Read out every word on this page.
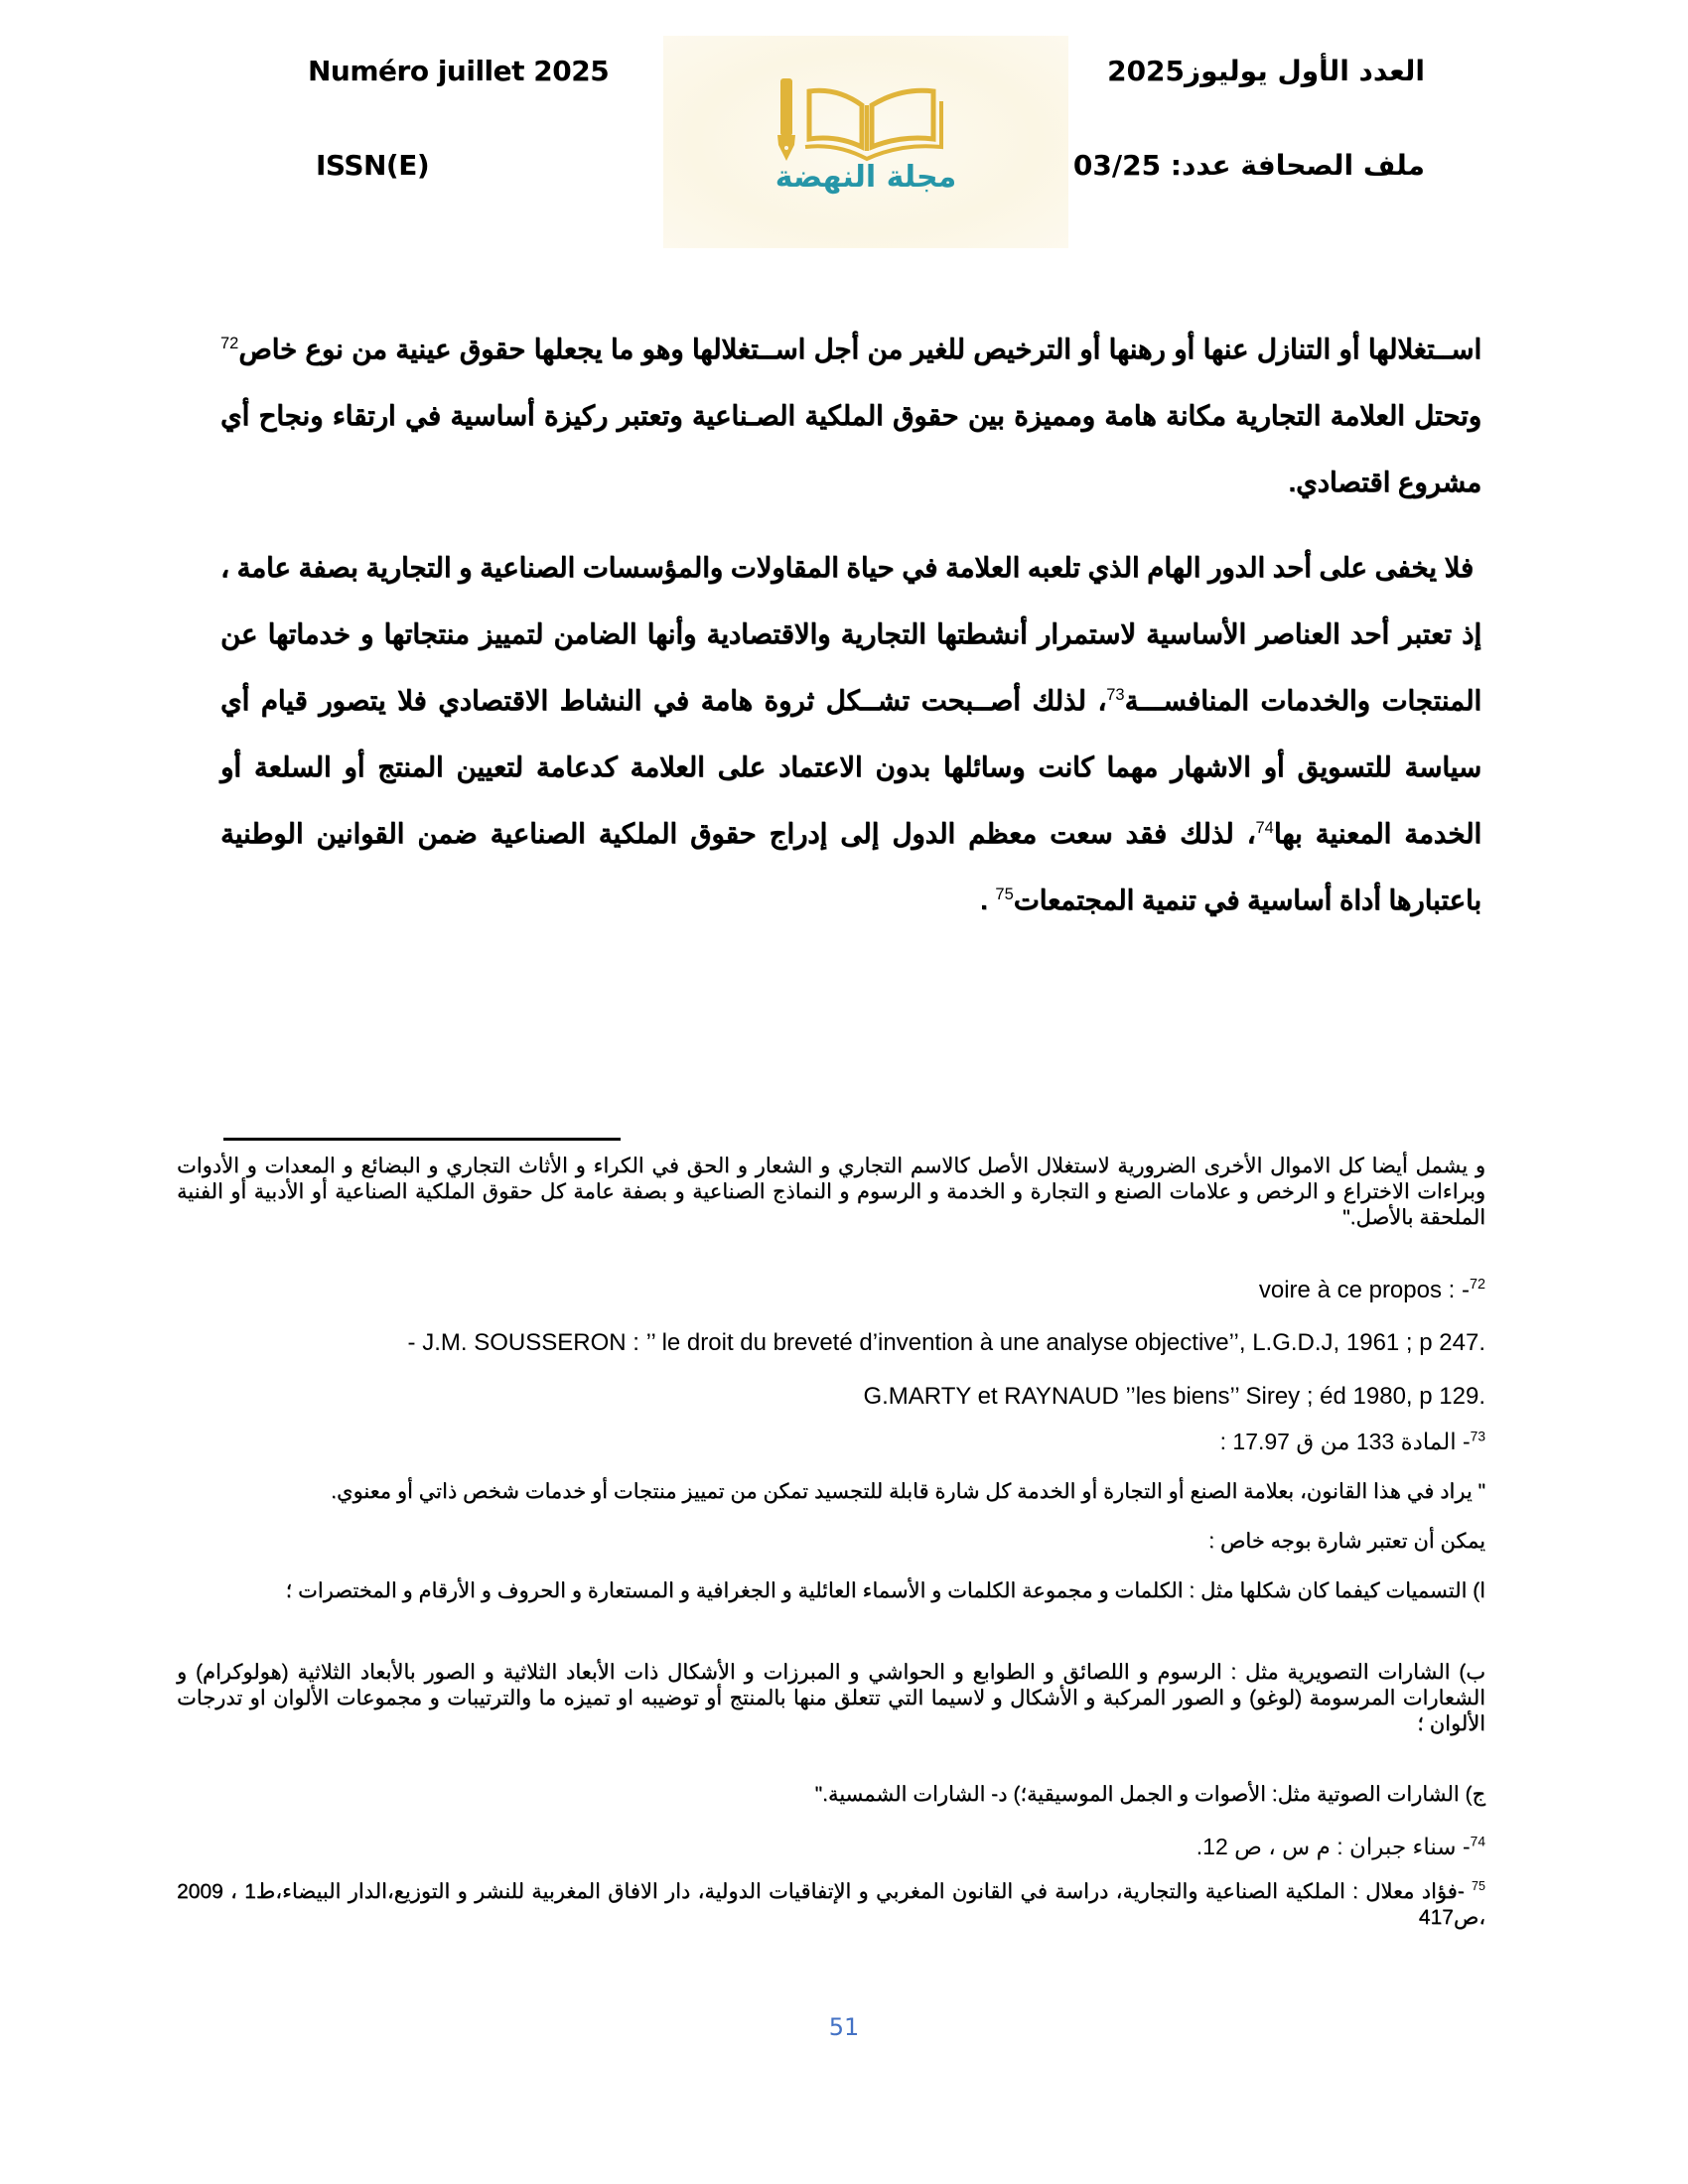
Numéro juillet 2025
ISSN(E)
العدد الأول يوليوز2025
ملف الصحافة عدد: 03/25
مجلة النهضة
اســتغلالها أو التنازل عنها أو رهنها أو الترخيص للغير من أجل اســتغلالها وهو ما يجعلها حقوق عينية من نوع خاص$^{72}$ وتحتل العلامة التجارية مكانة هامة ومميزة بين حقوق الملكية الصـناعية وتعتبر ركيزة أساسية في ارتقاء ونجاح أي مشروع اقتصادي.
فلا يخفى على أحد الدور الهام الذي تلعبه العلامة في حياة المقاولات والمؤسسات الصناعية و التجارية بصفة عامة ، إذ تعتبر أحد العناصر الأساسية لاستمرار أنشطتها التجارية والاقتصادية وأنها الضامن لتمييز منتجاتها و خدماتها عن المنتجات والخدمات المنافســـة$^{73}$، لذلك أصــبحت تشــكل ثروة هامة في النشاط الاقتصادي فلا يتصور قيام أي سياسة للتسويق أو الاشهار مهما كانت وسائلها بدون الاعتماد على العلامة كدعامة لتعيين المنتج أو السلعة أو الخدمة المعنية بها$^{74}$، لذلك فقد سعت معظم الدول إلى إدراج حقوق الملكية الصناعية ضمن القوانين الوطنية باعتبارها أداة أساسية في تنمية المجتمعات$^{75}$ .
و يشمل أيضا كل الاموال الأخرى الضرورية لاستغلال الأصل كالاسم التجاري و الشعار و الحق في الكراء و الأثاث التجاري و البضائع و المعدات و الأدوات وبراءات الاختراع و الرخص و علامات الصنع و التجارة و الخدمة و الرسوم و النماذج الصناعية و بصفة عامة كل حقوق الملكية الصناعية أو الأدبية أو الفنية الملحقة بالأصل."
voire à ce propos : -$^{72}$
- J.M. SOUSSERON : ’’ le droit du breveté d’invention à une analyse objective’’, L.G.D.J, 1961 ; p 247.
G.MARTY et RAYNAUD ’’les biens’’ Sirey ; éd 1980, p 129.
$^{73}$- المادة 133 من ق 17.97 :
" يراد في هذا القانون، بعلامة الصنع أو التجارة أو الخدمة كل شارة قابلة للتجسيد تمكن من تمييز منتجات أو خدمات شخص ذاتي أو معنوي.
يمكن أن تعتبر شارة بوجه خاص :
ا) التسميات كيفما كان شكلها مثل : الكلمات و مجموعة الكلمات و الأسماء العائلية و الجغرافية و المستعارة و الحروف و الأرقام و المختصرات ؛
ب) الشارات التصويرية مثل : الرسوم و اللصائق و الطوابع و الحواشي و المبرزات و الأشكال ذات الأبعاد الثلاثية و الصور بالأبعاد الثلاثية (هولوكرام) و الشعارات المرسومة (لوغو) و الصور المركبة و الأشكال و لاسيما التي تتعلق منها بالمنتج أو توضيبه او تميزه ما والترتيبات و مجموعات الألوان او تدرجات الألوان ؛
ج) الشارات الصوتية مثل: الأصوات و الجمل الموسيقية؛) د- الشارات الشمسية."
$^{74}$- سناء جبران : م س ، ص 12.
$^{75}$ -فؤاد معلال : الملكية الصناعية والتجارية، دراسة في القانون المغربي و الإتفاقيات الدولية، دار الافاق المغربية للنشر و التوزيع،الدار البيضاء،ط1 ، 2009 ،ص417
51
